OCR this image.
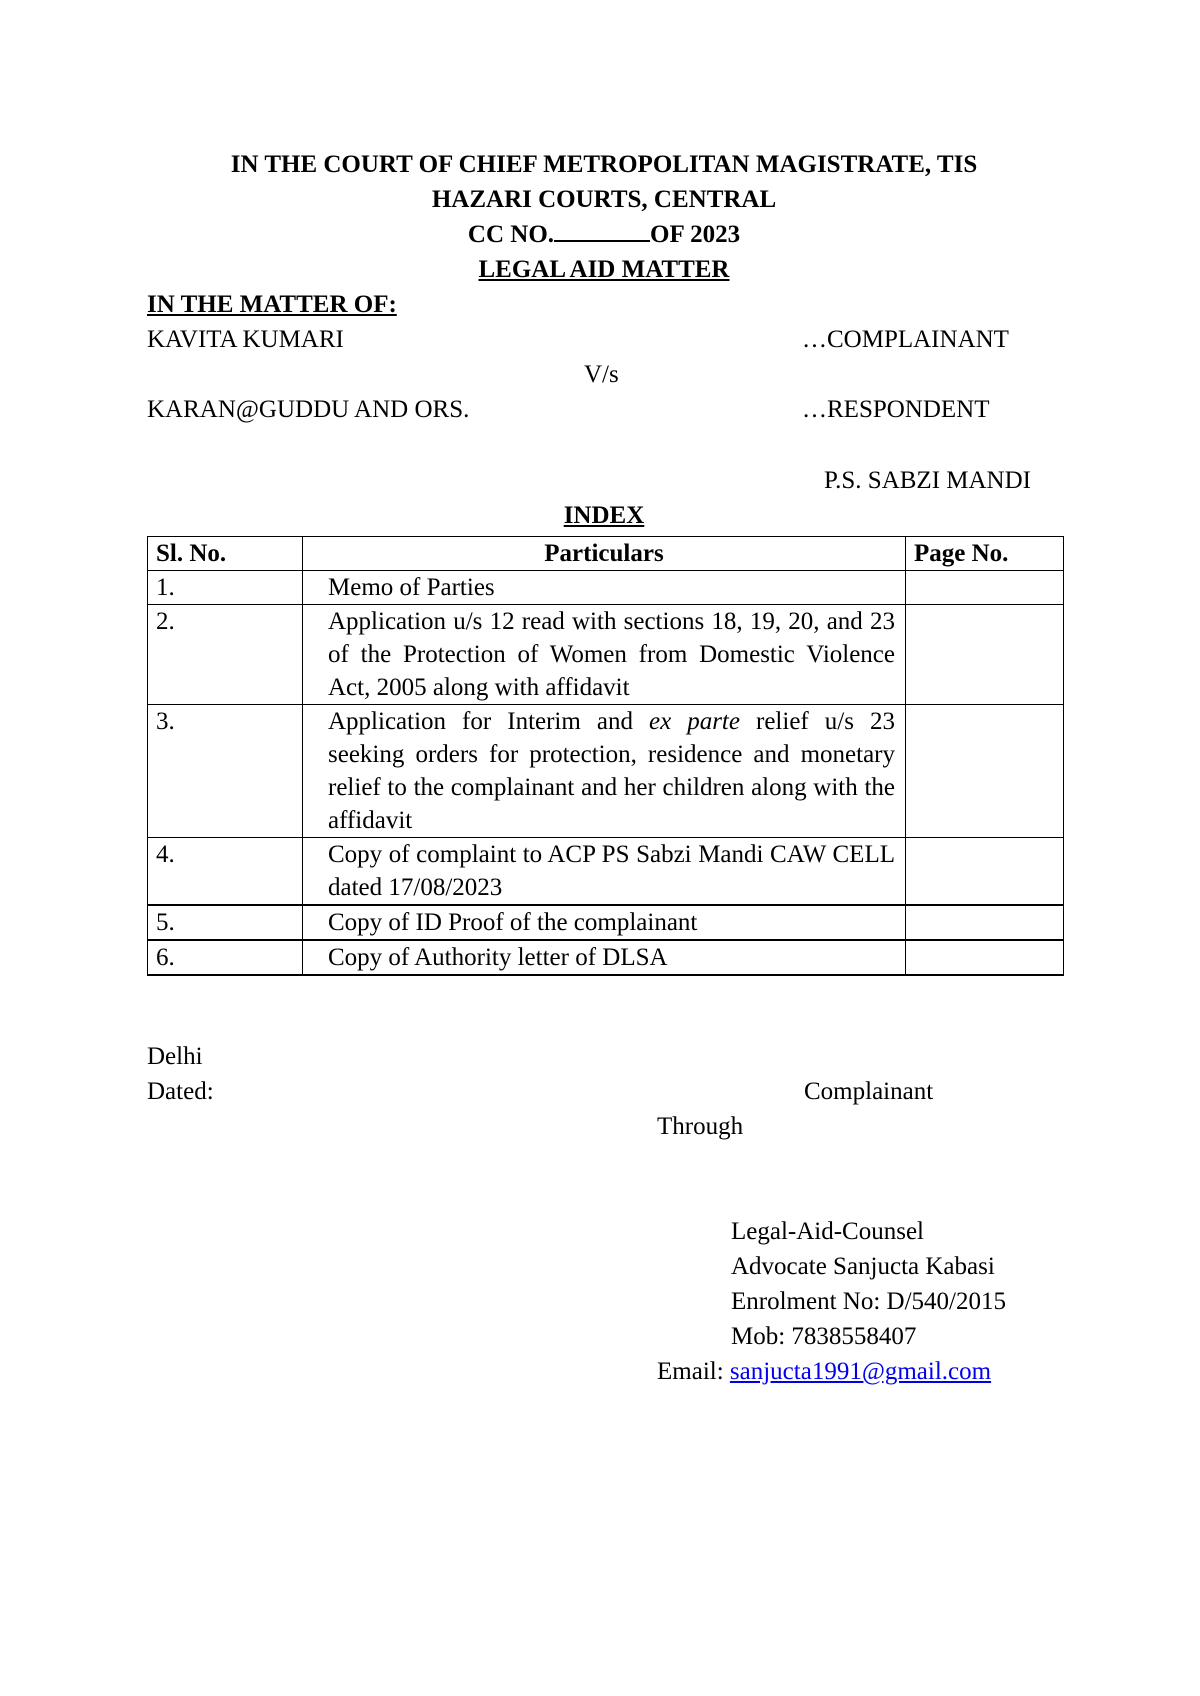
IN THE COURT OF CHIEF METROPOLITAN MAGISTRATE, TIS
HAZARI COURTS, CENTRAL
CC NO.	OF 2023
LEGAL AID MATTER
IN THE MATTER OF:
KAVITA KUMARI	…COMPLAINANT
V/s
KARAN@GUDDU AND ORS.	…RESPONDENT
P.S. SABZI MANDI
INDEX
Sl. No.	Particulars	Page No.
1.	Memo of Parties	
2.	Application u/s 12 read with sections 18, 19, 20, and 23 of the Protection of Women from Domestic Violence Act, 2005 along with affidavit	
3.	Application for Interim and ex parte relief u/s 23 seeking orders for protection, residence and monetary relief to the complainant and her children along with the affidavit	
4.	Copy of complaint to ACP PS Sabzi Mandi CAW CELL dated 17/08/2023	
5.	Copy of ID Proof of the complainant	
6.	Copy of Authority letter of DLSA	
Delhi
Dated:	Complainant
Through
Legal-Aid-Counsel
Advocate Sanjucta Kabasi
Enrolment No: D/540/2015
Mob: 7838558407
Email: sanjucta1991@gmail.com
